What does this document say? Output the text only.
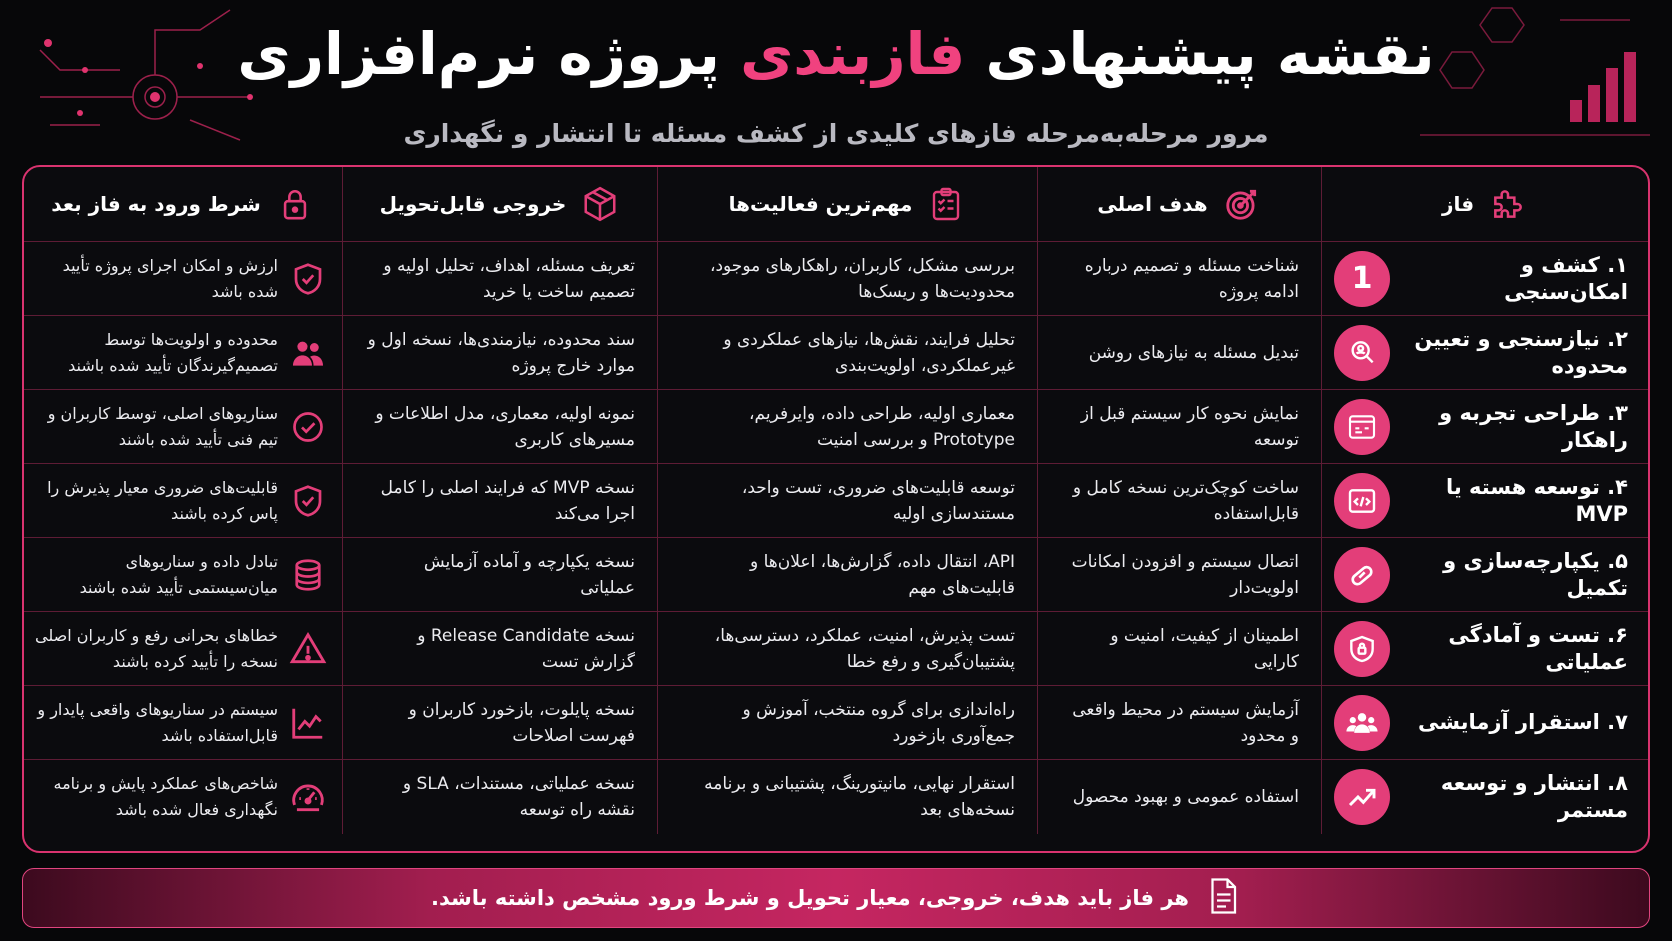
نقشه پیشنهادی فازبندی پروژه نرم‌افزاری
مرور مرحله‌به‌مرحله فازهای کلیدی از کشف مسئله تا انتشار و نگهداری
فاز
هدف اصلی
مهم‌ترین فعالیت‌ها
خروجی قابل‌تحویل
شرط ورود به فاز بعد
۱. کشف و امکان‌سنجی
1
شناخت مسئله و تصمیم درباره ادامه پروژه
بررسی مشکل، کاربران، راهکارهای موجود، محدودیت‌ها و ریسک‌ها
تعریف مسئله، اهداف، تحلیل اولیه و تصمیم ساخت یا خرید
ارزش و امکان اجرای پروژه تأیید شده باشد
۲. نیازسنجی و تعیین محدوده
تبدیل مسئله به نیازهای روشن
تحلیل فرایند، نقش‌ها، نیازهای عملکردی و غیرعملکردی، اولویت‌بندی
سند محدوده، نیازمندی‌ها، نسخه اول و موارد خارج پروژه
محدوده و اولویت‌ها توسط تصمیم‌گیرندگان تأیید شده باشند
۳. طراحی تجربه و راهکار
نمایش نحوه کار سیستم قبل از توسعه
معماری اولیه، طراحی داده، وایرفریم، Prototype و بررسی امنیت
نمونه اولیه، معماری، مدل اطلاعات و مسیرهای کاربری
سناریوهای اصلی، توسط کاربران و تیم فنی تأیید شده باشند
۴. توسعه هسته یا MVP
ساخت کوچک‌ترین نسخه کامل و قابل‌استفاده
توسعه قابلیت‌های ضروری، تست واحد، مستندسازی اولیه
نسخه MVP که فرایند اصلی را کامل اجرا می‌کند
قابلیت‌های ضروری معیار پذیرش را پاس کرده باشند
۵. یکپارچه‌سازی و تکمیل
اتصال سیستم و افزودن امکانات اولویت‌دار
API، انتقال داده، گزارش‌ها، اعلان‌ها و قابلیت‌های مهم
نسخه یکپارچه و آماده آزمایش عملیاتی
تبادل داده و سناریوهای میان‌سیستمی تأیید شده باشند
۶. تست و آمادگی عملیاتی
اطمینان از کیفیت، امنیت و کارایی
تست پذیرش، امنیت، عملکرد، دسترسی‌ها، پشتیبان‌گیری و رفع خطا
نسخه Release Candidate و گزارش تست
خطاهای بحرانی رفع و کاربران اصلی نسخه را تأیید کرده باشند
۷. استقرار آزمایشی
آزمایش سیستم در محیط واقعی و محدود
راه‌اندازی برای گروه منتخب، آموزش و جمع‌آوری بازخورد
نسخه پایلوت، بازخورد کاربران و فهرست اصلاحات
سیستم در سناریوهای واقعی پایدار و قابل‌استفاده باشد
۸. انتشار و توسعه مستمر
استفاده عمومی و بهبود محصول
استقرار نهایی، مانیتورینگ، پشتیبانی و برنامه نسخه‌های بعد
نسخه عملیاتی، مستندات، SLA و نقشه راه توسعه
شاخص‌های عملکرد پایش و برنامه نگهداری فعال شده باشد
هر فاز باید هدف، خروجی، معیار تحویل و شرط ورود مشخص داشته باشد.
